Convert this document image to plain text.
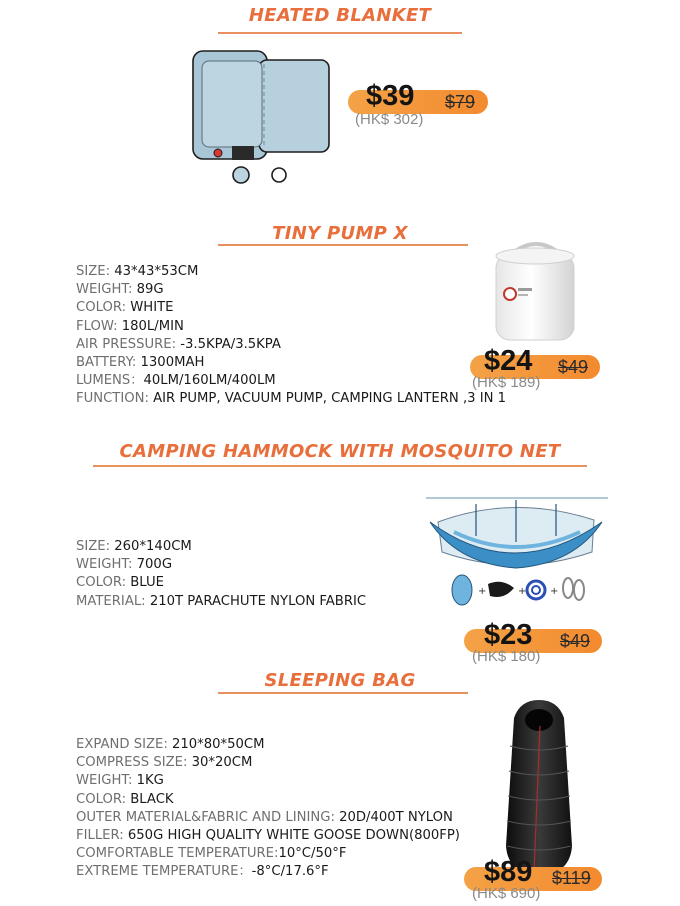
HEATED BLANKET
$39 $79
(HK$ 302)
TINY PUMP X
SIZE: 43*43*53CM
WEIGHT: 89G
COLOR: WHITE
FLOW: 180L/MIN
AIR PRESSURE: -3.5KPA/3.5KPA
BATTERY: 1300MAH
LUMENS：40LM/160LM/400LM
FUNCTION: AIR PUMP, VACUUM PUMP, CAMPING LANTERN ,3 IN 1
$24 $49
(HK$ 189)
CAMPING HAMMOCK WITH MOSQUITO NET
SIZE: 260*140CM
WEIGHT: 700G
COLOR: BLUE
MATERIAL: 210T PARACHUTE NYLON FABRIC
+	+ +
$23 $49
(HK$ 180)
SLEEPING BAG
EXPAND SIZE: 210*80*50CM
COMPRESS SIZE: 30*20CM
WEIGHT: 1KG
COLOR: BLACK
OUTER MATERIAL&FABRIC AND LINING: 20D/400T NYLON
FILLER: 650G HIGH QUALITY WHITE GOOSE DOWN(800FP)
COMFORTABLE TEMPERATURE:10°C/50°F
EXTREME TEMPERATURE：-8°C/17.6°F	$89 $119
(HK$ 690)
